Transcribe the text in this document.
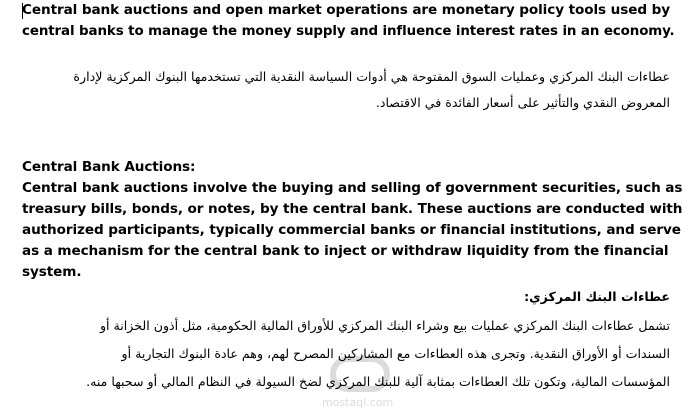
Central bank auctions and open market operations are monetary policy tools used by

central banks to manage the money supply and influence interest rates in an economy.

عطاءات البنك المركزي وعمليات السوق المفتوحة هي أدوات السياسة النقدية التي تستخدمها البنوك المركزية لإدارة

المعروض النقدي والتأثير على أسعار الفائدة في الاقتصاد.

Central Bank Auctions:

Central bank auctions involve the buying and selling of government securities, such as

treasury bills, bonds, or notes, by the central bank. These auctions are conducted with

authorized participants, typically commercial banks or financial institutions, and serve

as a mechanism for the central bank to inject or withdraw liquidity from the financial

system.

عطاءات البنك المركزي:

تشمل عطاءات البنك المركزي عمليات بيع وشراء البنك المركزي للأوراق المالية الحكومية، مثل أذون الخزانة أو

السندات أو الأوراق النقدية. وتجرى هذه العطاءات مع المشاركين المصرح لهم، وهم عادة البنوك التجارية أو

المؤسسات المالية، وتكون تلك العطاءات بمثابة آلية للبنك المركزي لضخ السيولة في النظام المالي أو سحبها منه.

mostaql.com
